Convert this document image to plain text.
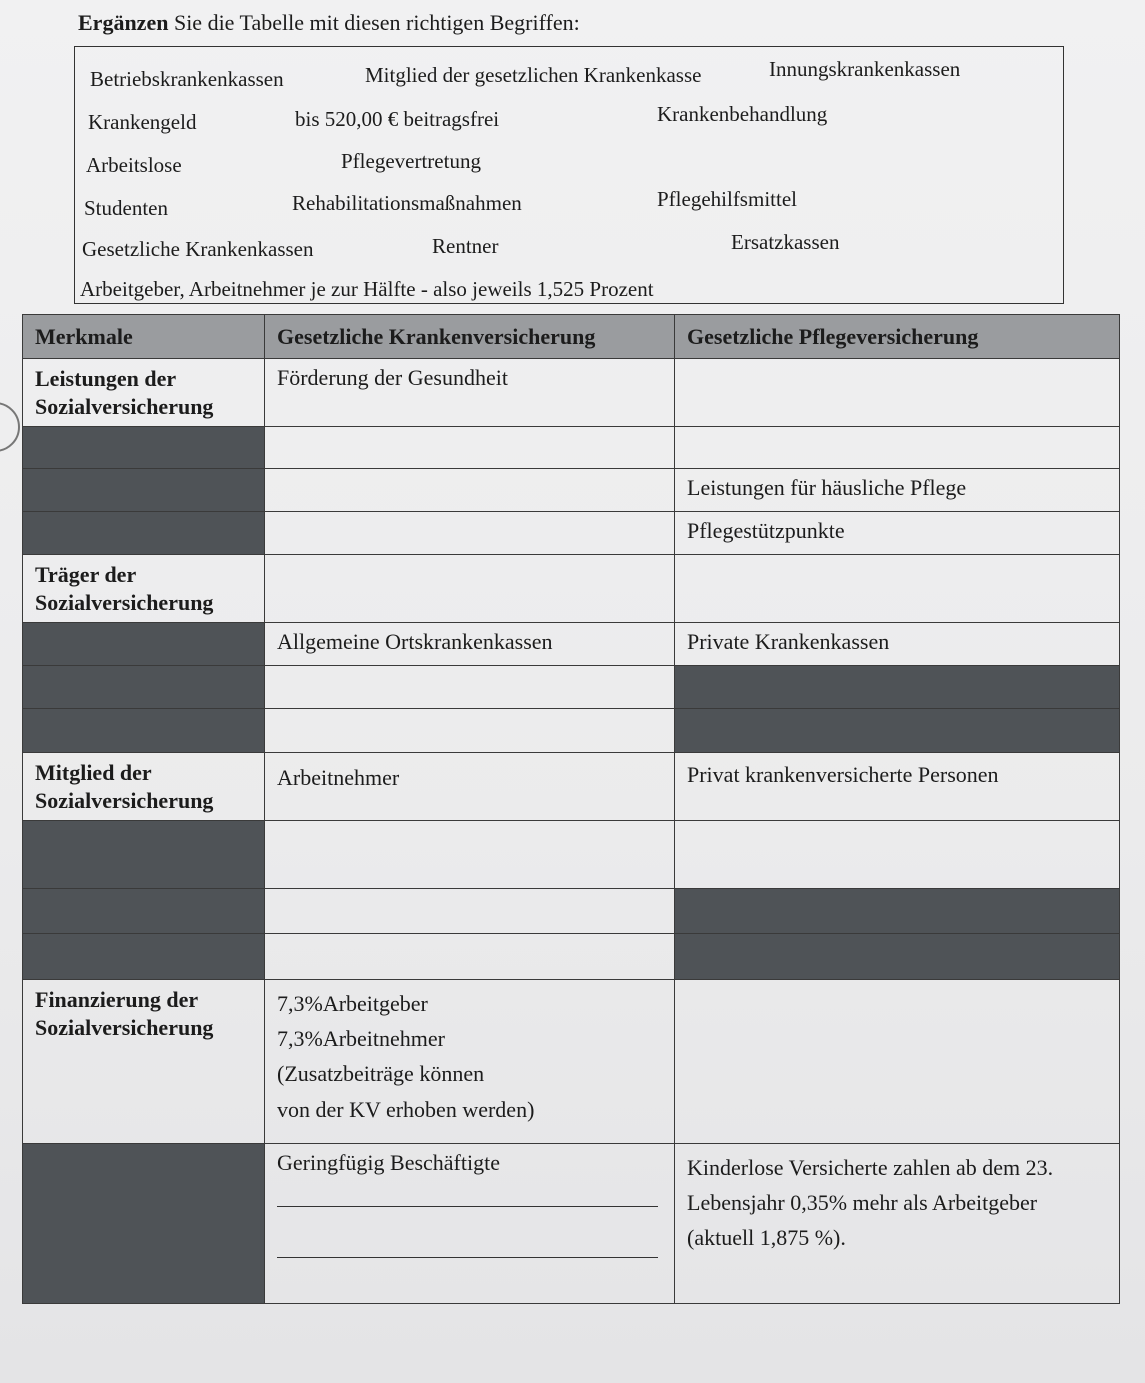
Ergänzen Sie die Tabelle mit diesen richtigen Begriffen:
Betriebskrankenkassen	Mitglied der gesetzlichen Krankenkasse	Innungskrankenkassen
Krankengeld	bis 520,00 € beitragsfrei	Krankenbehandlung
Arbeitslose	Pflegevertretung
Studenten	Rehabilitationsmaßnahmen	Pflegehilfsmittel
Gesetzliche Krankenkassen	Rentner	Ersatzkassen
Arbeitgeber, Arbeitnehmer je zur Hälfte - also jeweils 1,525 Prozent
Merkmale	Gesetzliche Krankenversicherung	Gesetzliche Pflegeversicherung
Leistungen der Sozialversicherung	Förderung der Gesundheit	

		Leistungen für häusliche Pflege
		Pflegestützpunkte
Träger der Sozialversicherung		
	Allgemeine Ortskrankenkassen	Private Krankenkassen

Mitglied der Sozialversicherung	Arbeitnehmer	Privat krankenversicherte Personen

Finanzierung der Sozialversicherung	7,3%Arbeitgeber
7,3%Arbeitnehmer
(Zusatzbeiträge können
von der KV erhoben werden)	

	Geringfügig Beschäftigte	Kinderlose Versicherte zahlen ab dem 23. Lebensjahr 0,35% mehr als Arbeitgeber (aktuell 1,875 %).
